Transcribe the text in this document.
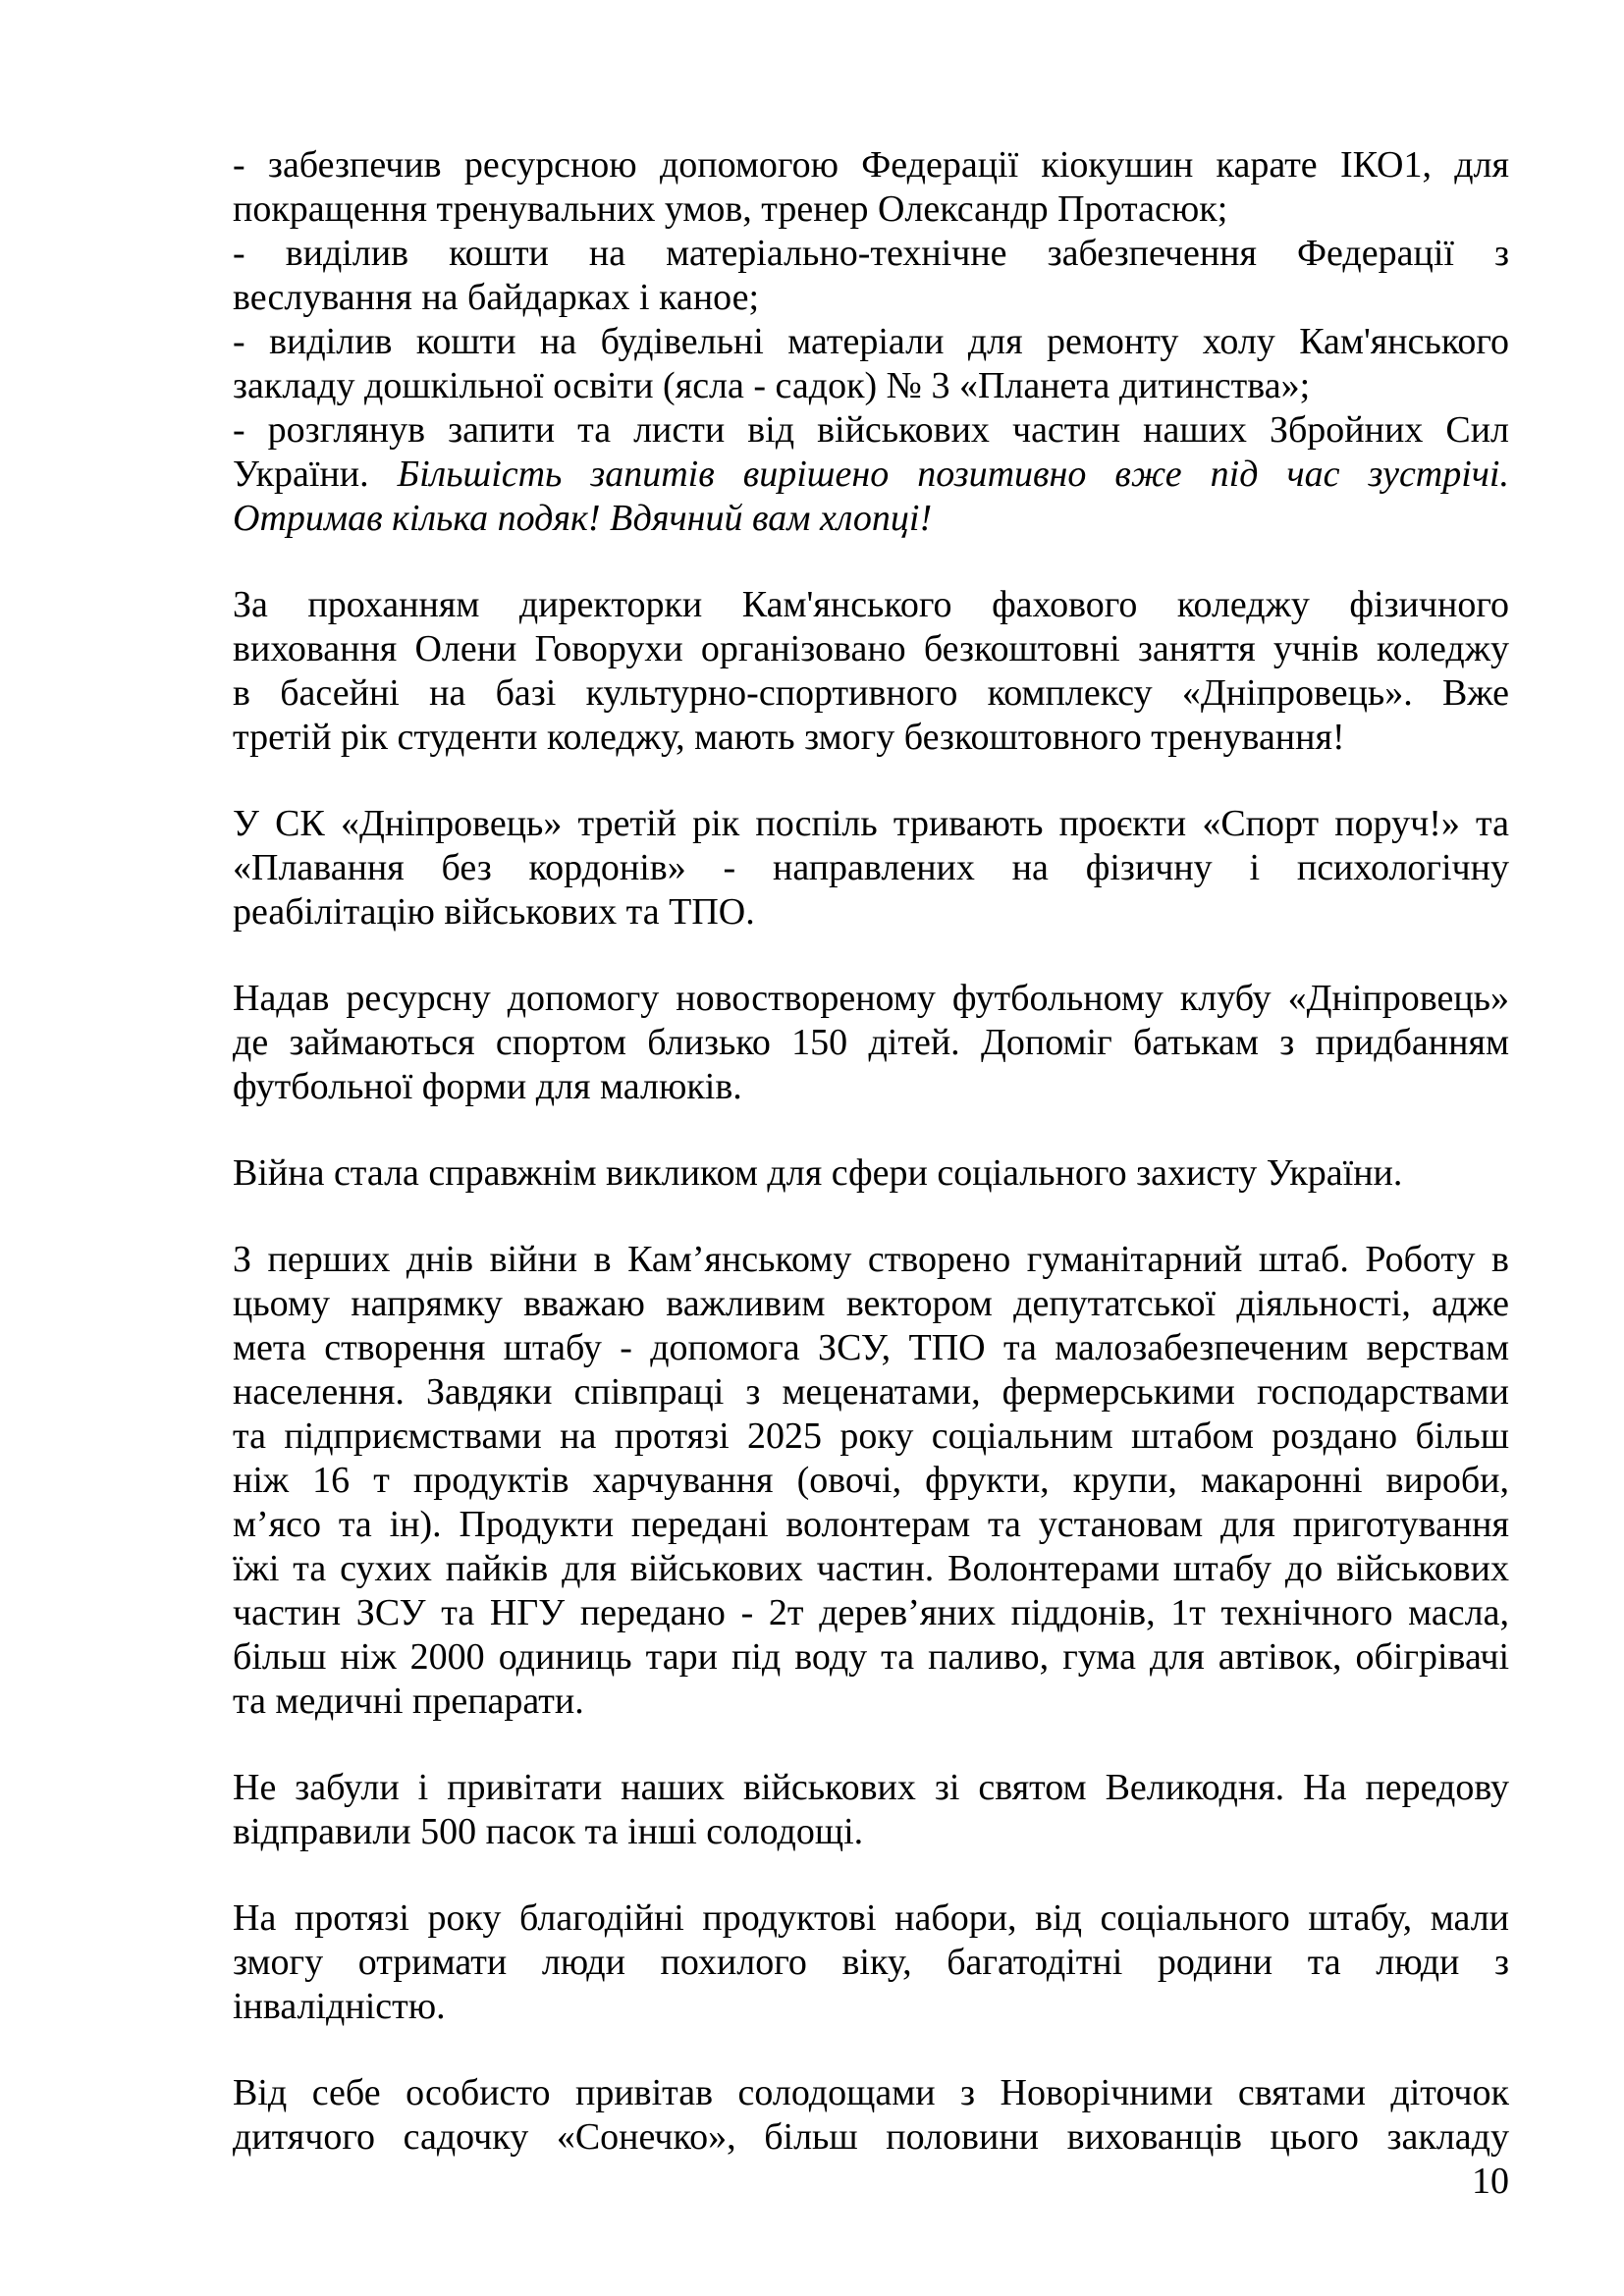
- забезпечив ресурсною допомогою Федерації кіокушин карате ІКО1, для
покращення тренувальних умов, тренер Олександр Протасюк;
- виділив кошти на матеріально-технічне забезпечення Федерації з
веслування на байдарках і каное;
- виділив кошти на будівельні матеріали для ремонту холу Кам'янського
закладу дошкільної освіти (ясла - садок) № 3 «Планета дитинства»;
- розглянув запити та листи від військових частин наших Збройних Сил
України. Більшість запитів вирішено позитивно вже під час зустрічі.
Отримав кілька подяк! Вдячний вам хлопці!
За проханням директорки Кам'янського фахового коледжу фізичного
виховання Олени Говорухи організовано безкоштовні заняття учнів коледжу
в басейні на базі культурно-спортивного комплексу «Дніпровець». Вже
третій рік студенти коледжу, мають змогу безкоштовного тренування!
У СК «Дніпровець» третій рік поспіль тривають проєкти «Спорт поруч!» та
«Плавання без кордонів» - направлених на фізичну і психологічну
реабілітацію військових та ТПО.
Надав ресурсну допомогу новоствореному футбольному клубу «Дніпровець»
де займаються спортом близько 150 дітей. Допоміг батькам з придбанням
футбольної форми для малюків.
Війна стала справжнім викликом для сфери соціального захисту України.
З перших днів війни в Кам’янському створено гуманітарний штаб. Роботу в
цьому напрямку вважаю важливим вектором депутатської діяльності, адже
мета створення штабу - допомога ЗСУ, ТПО та малозабезпеченим верствам
населення. Завдяки співпраці з меценатами, фермерськими господарствами
та підприємствами на протязі 2025 року соціальним штабом роздано більш
ніж 16 т продуктів харчування (овочі, фрукти, крупи, макаронні вироби,
м’ясо та ін). Продукти передані волонтерам та установам для приготування
їжі та сухих пайків для військових частин. Волонтерами штабу до військових
частин ЗСУ та НГУ передано - 2т дерев’яних піддонів, 1т технічного масла,
більш ніж 2000 одиниць тари під воду та паливо, гума для автівок, обігрівачі
та медичні препарати.
Не забули і привітати наших військових зі святом Великодня. На передову
відправили 500 пасок та інші солодощі.
На протязі року благодійні продуктові набори, від соціального штабу, мали
змогу отримати люди похилого віку, багатодітні родини та люди з
інвалідністю.
Від себе особисто привітав солодощами з Новорічними святами діточок
дитячого садочку «Сонечко», більш половини вихованців цього закладу
10
